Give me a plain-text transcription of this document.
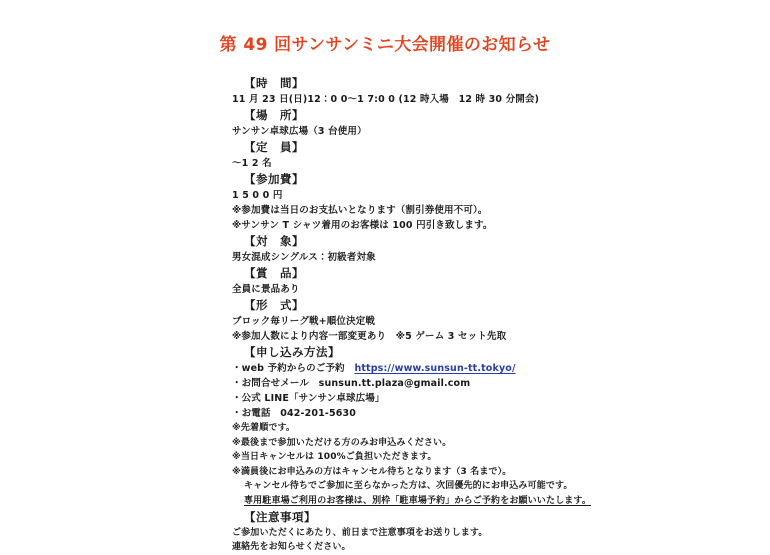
第 49 回サンサンミニ大会開催のお知らせ
【時　間】
11 月 23 日(日)12：0 0〜1 7:0 0 (12 時入場　12 時 30 分開会)
【場　所】
サンサン卓球広場（3 台使用）
【定　員】
〜1 2 名
【参加費】
1 5 0 0 円
※参加費は当日のお支払いとなります（割引券使用不可）。
※サンサン T シャツ着用のお客様は 100 円引き致します。
【対　象】
男女混成シングルス：初級者対象
【賞　品】
全員に景品あり
【形　式】
ブロック毎リーグ戦+順位決定戦
※参加人数により内容一部変更あり　※5 ゲーム 3 セット先取
【申し込み方法】
・web 予約からのご予約　https://www.sunsun-tt.tokyo/
・お問合せメール　sunsun.tt.plaza@gmail.com
・公式 LINE「サンサン卓球広場」
・お電話　042-201-5630
※先着順です。
※最後まで参加いただける方のみお申込みください。
※当日キャンセルは 100%ご負担いただきます。
※満員後にお申込みの方はキャンセル待ちとなります（3 名まで）。
キャンセル待ちでご参加に至らなかった方は、次回優先的にお申込み可能です。
専用駐車場ご利用のお客様は、別枠「駐車場予約」からご予約をお願いいたします。
【注意事項】
ご参加いただくにあたり、前日まで注意事項をお送りします。
連絡先をお知らせください。
